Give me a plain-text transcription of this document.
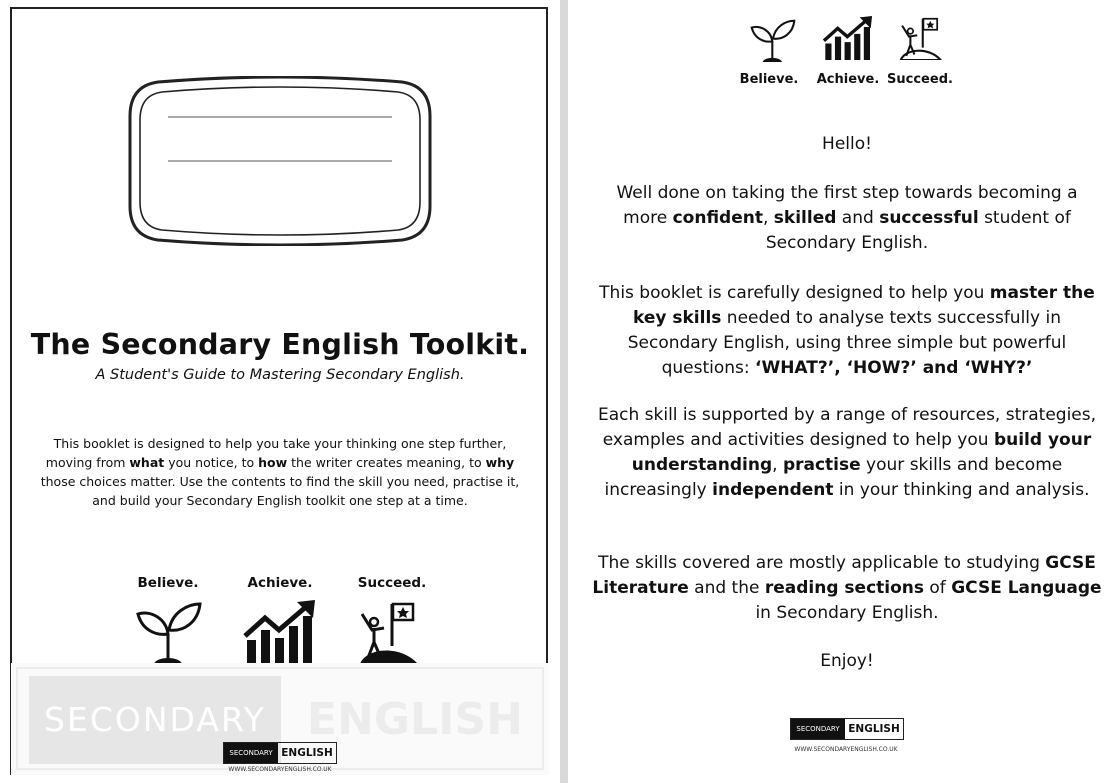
The Secondary English Toolkit.
A Student's Guide to Mastering Secondary English.
This booklet is designed to help you take your thinking one step further, moving from what you notice, to how the writer creates meaning, to why those choices matter. Use the contents to find the skill you need, practise it, and build your Secondary English toolkit one step at a time.
Believe.	Achieve.	Succeed.
SECONDARY ENGLISH
SECONDARY ENGLISH
WWW.SECONDARYENGLISH.CO.UK
Believe.	Achieve. Succeed.
Hello!
Well done on taking the first step towards becoming a more confident, skilled and successful student of Secondary English.
This booklet is carefully designed to help you master the key skills needed to analyse texts successfully in Secondary English, using three simple but powerful questions: ‘WHAT?’, ‘HOW?’ and ‘WHY?’
Each skill is supported by a range of resources, strategies, examples and activities designed to help you build your understanding, practise your skills and become increasingly independent in your thinking and analysis.
The skills covered are mostly applicable to studying GCSE Literature and the reading sections of GCSE Language in Secondary English.
Enjoy!
SECONDARY ENGLISH
WWW.SECONDARYENGLISH.CO.UK
